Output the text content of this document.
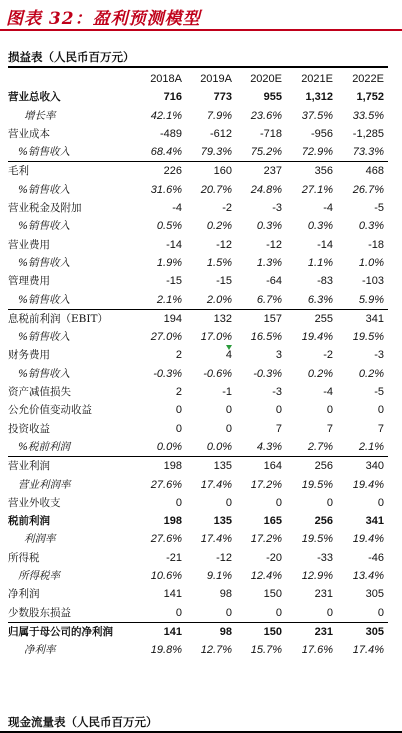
图表 32：盈利预测模型
损益表（人民币百万元）
	2018A	2019A	2020E	2021E	2022E
营业总收入	716	773	955	1,312	1,752
增长率	42.1%	7.9%	23.6%	37.5%	33.5%
营业成本	-489	-612	-718	-956	-1,285
%销售收入	68.4%	79.3%	75.2%	72.9%	73.3%
毛利	226	160	237	356	468
%销售收入	31.6%	20.7%	24.8%	27.1%	26.7%
营业税金及附加	-4	-2	-3	-4	-5
%销售收入	0.5%	0.2%	0.3%	0.3%	0.3%
营业费用	-14	-12	-12	-14	-18
%销售收入	1.9%	1.5%	1.3%	1.1%	1.0%
管理费用	-15	-15	-64	-83	-103
%销售收入	2.1%	2.0%	6.7%	6.3%	5.9%
息税前利润（EBIT）	194	132	157	255	341
%销售收入	27.0%	17.0%	16.5%	19.4%	19.5%
财务费用	2	4	3	-2	-3
%销售收入	-0.3%	-0.6%	-0.3%	0.2%	0.2%
资产减值损失	2	-1	-3	-4	-5
公允价值变动收益	0	0	0	0	0
投资收益	0	0	7	7	7
%税前利润	0.0%	0.0%	4.3%	2.7%	2.1%
营业利润	198	135	164	256	340
营业利润率	27.6%	17.4%	17.2%	19.5%	19.4%
营业外收支	0	0	0	0	0
税前利润	198	135	165	256	341
利润率	27.6%	17.4%	17.2%	19.5%	19.4%
所得税	-21	-12	-20	-33	-46
所得税率	10.6%	9.1%	12.4%	12.9%	13.4%
净利润	141	98	150	231	305
少数股东损益	0	0	0	0	0
归属于母公司的净利润	141	98	150	231	305
净利率	19.8%	12.7%	15.7%	17.6%	17.4%
现金流量表（人民币百万元）
